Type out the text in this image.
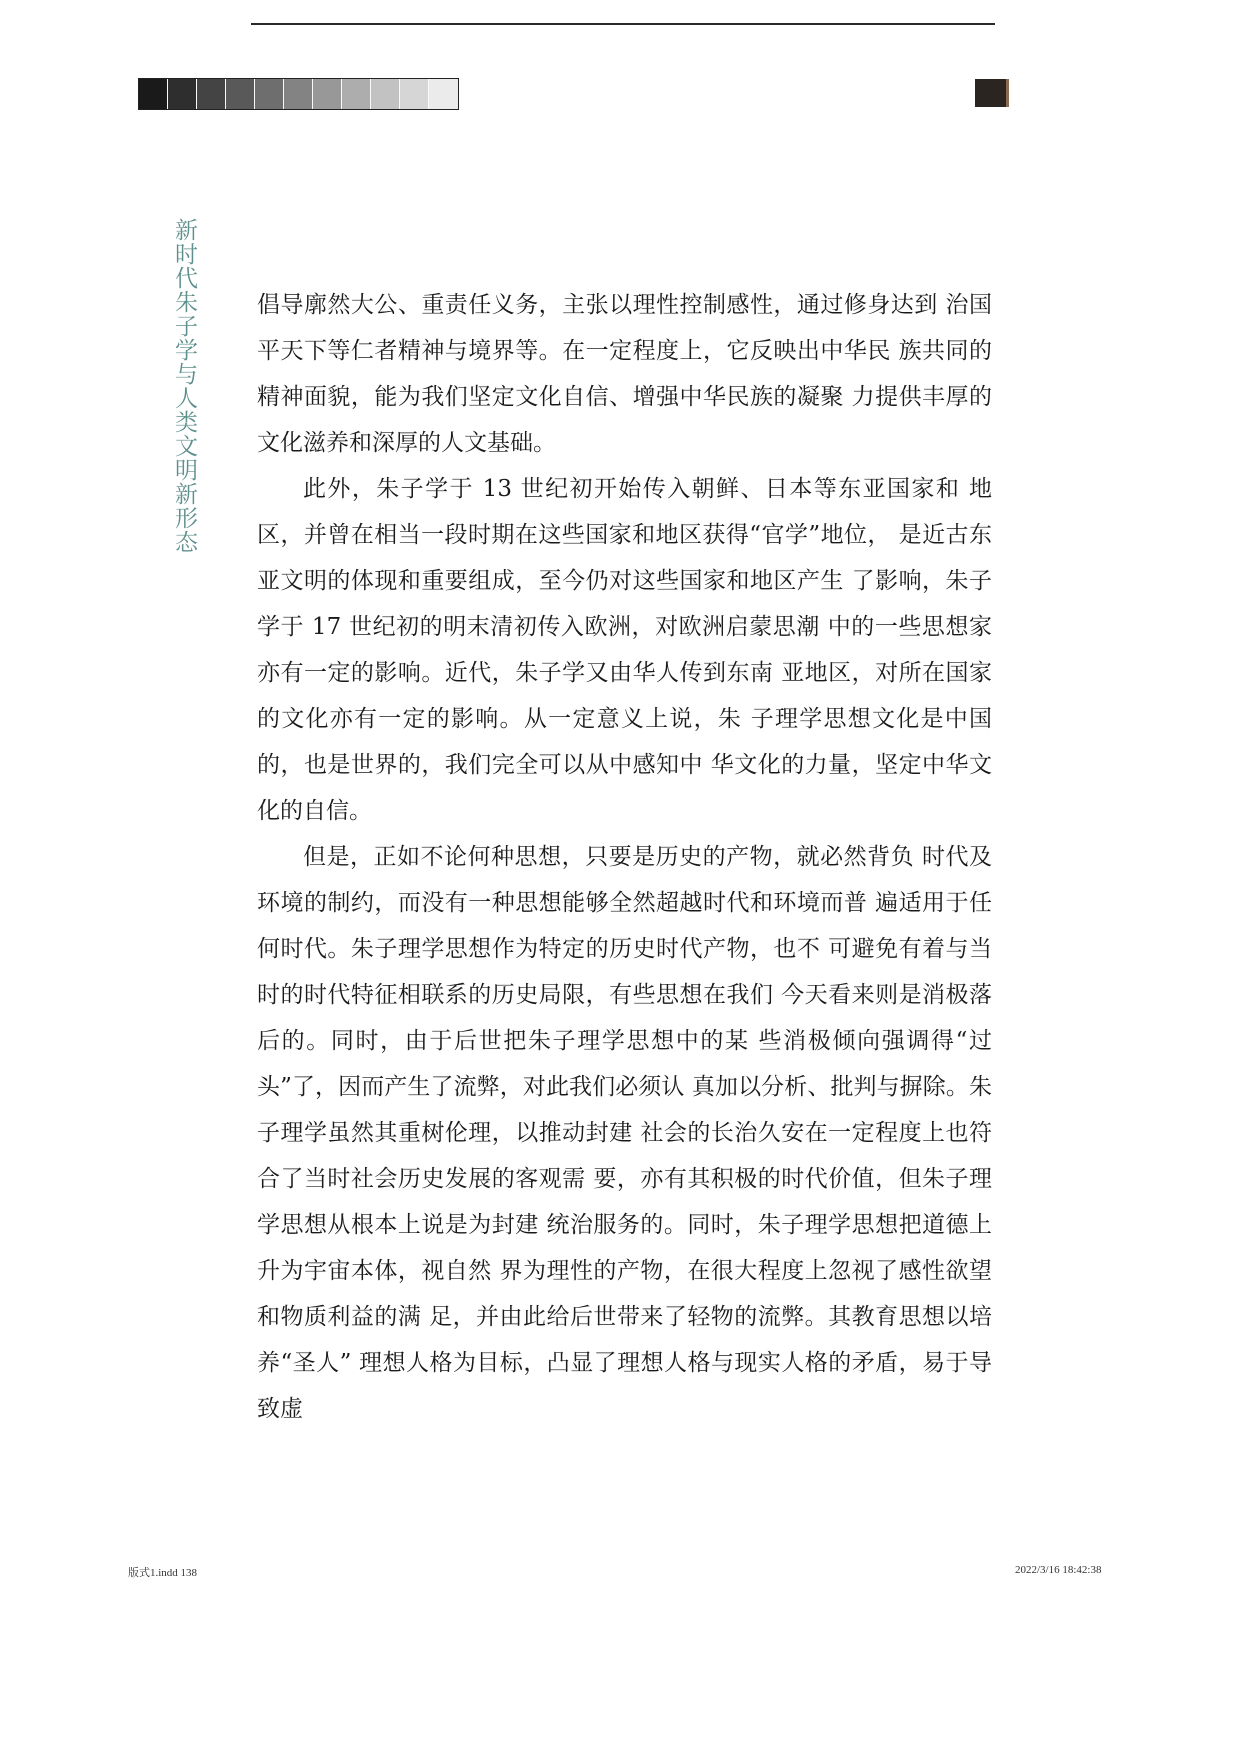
新时代朱子学与人类文明新形态	倡导廓然大公、重责任义务，主张以理性控制感性，通过修身达到 治国平天下等仁者精神与境界等。在一定程度上，它反映出中华民 族共同的精神面貌，能为我们坚定文化自信、增强中华民族的凝聚 力提供丰厚的文化滋养和深厚的人文基础。

此外，朱子学于 13 世纪初开始传入朝鲜、日本等东亚国家和 地区，并曾在相当一段时期在这些国家和地区获得“官学”地位， 是近古东亚文明的体现和重要组成，至今仍对这些国家和地区产生 了影响，朱子学于 17 世纪初的明末清初传入欧洲，对欧洲启蒙思潮 中的一些思想家亦有一定的影响。近代，朱子学又由华人传到东南 亚地区，对所在国家的文化亦有一定的影响。从一定意义上说，朱 子理学思想文化是中国的，也是世界的，我们完全可以从中感知中 华文化的力量，坚定中华文化的自信。

但是，正如不论何种思想，只要是历史的产物，就必然背负 时代及环境的制约，而没有一种思想能够全然超越时代和环境而普 遍适用于任何时代。朱子理学思想作为特定的历史时代产物，也不 可避免有着与当时的时代特征相联系的历史局限，有些思想在我们 今天看来则是消极落后的。同时，由于后世把朱子理学思想中的某 些消极倾向强调得“过头”了，因而产生了流弊，对此我们必须认 真加以分析、批判与摒除。朱子理学虽然其重树伦理，以推动封建 社会的长治久安在一定程度上也符合了当时社会历史发展的客观需 要，亦有其积极的时代价值，但朱子理学思想从根本上说是为封建 统治服务的。同时，朱子理学思想把道德上升为宇宙本体，视自然 界为理性的产物，在很大程度上忽视了感性欲望和物质利益的满 足，并由此给后世带来了轻物的流弊。其教育思想以培养“圣人” 理想人格为目标，凸显了理想人格与现实人格的矛盾，易于导致虚

版式1.indd 138	2022/3/16 18:42:38
